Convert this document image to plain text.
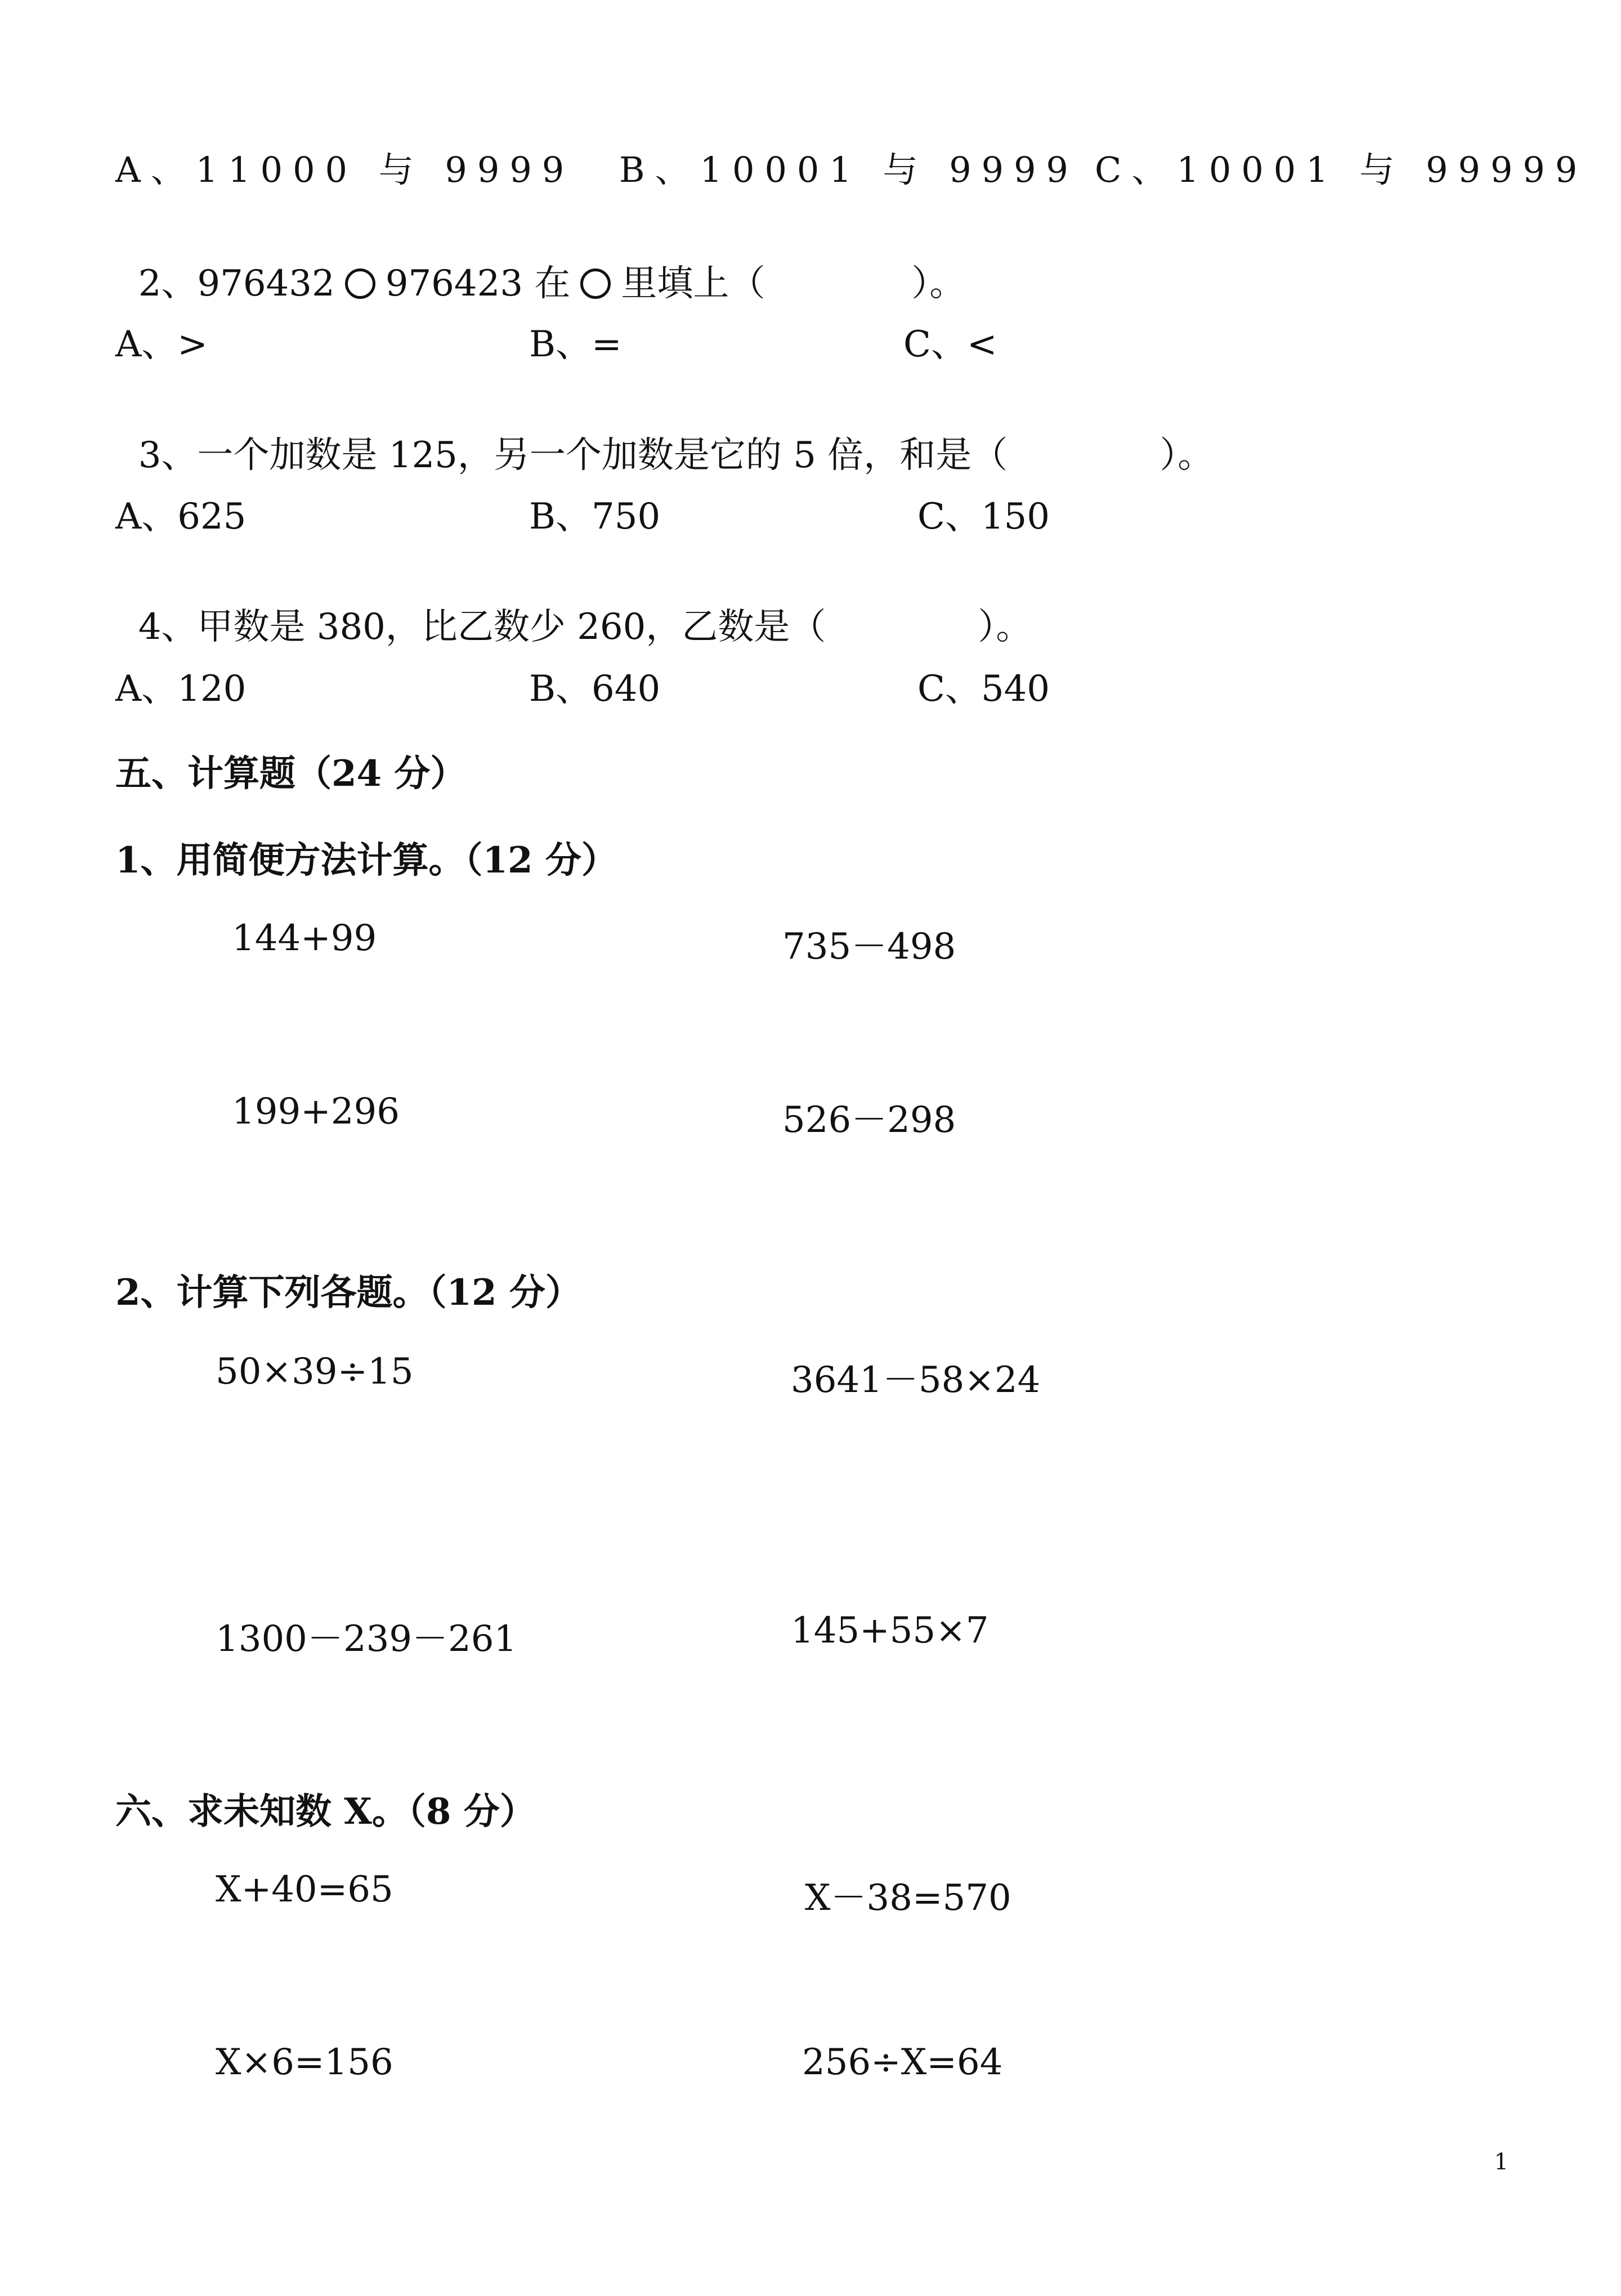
A、11000 与 9999 B、10001 与 9999 C、10001 与 99999

2、976432 976423 在 里填上（	）。

A、>	B、=	C、<

3、一个加数是 125，另一个加数是它的 5 倍，和是（	）。

A、625	B、750	C、150

4、甲数是 380，比乙数少 260，乙数是（	）。

A、120	B、640	C、540
五、计算题（24 分）
1、用简便方法计算。（12 分）
144+99	735－498
199+296	526－298
2、计算下列各题。（12 分）
50×39÷15	3641－58×24
1300－239－261	145+55×7
六、求未知数 X。（8 分）
X+40=65	X－38=570
X×6=156	256÷X=64
1
